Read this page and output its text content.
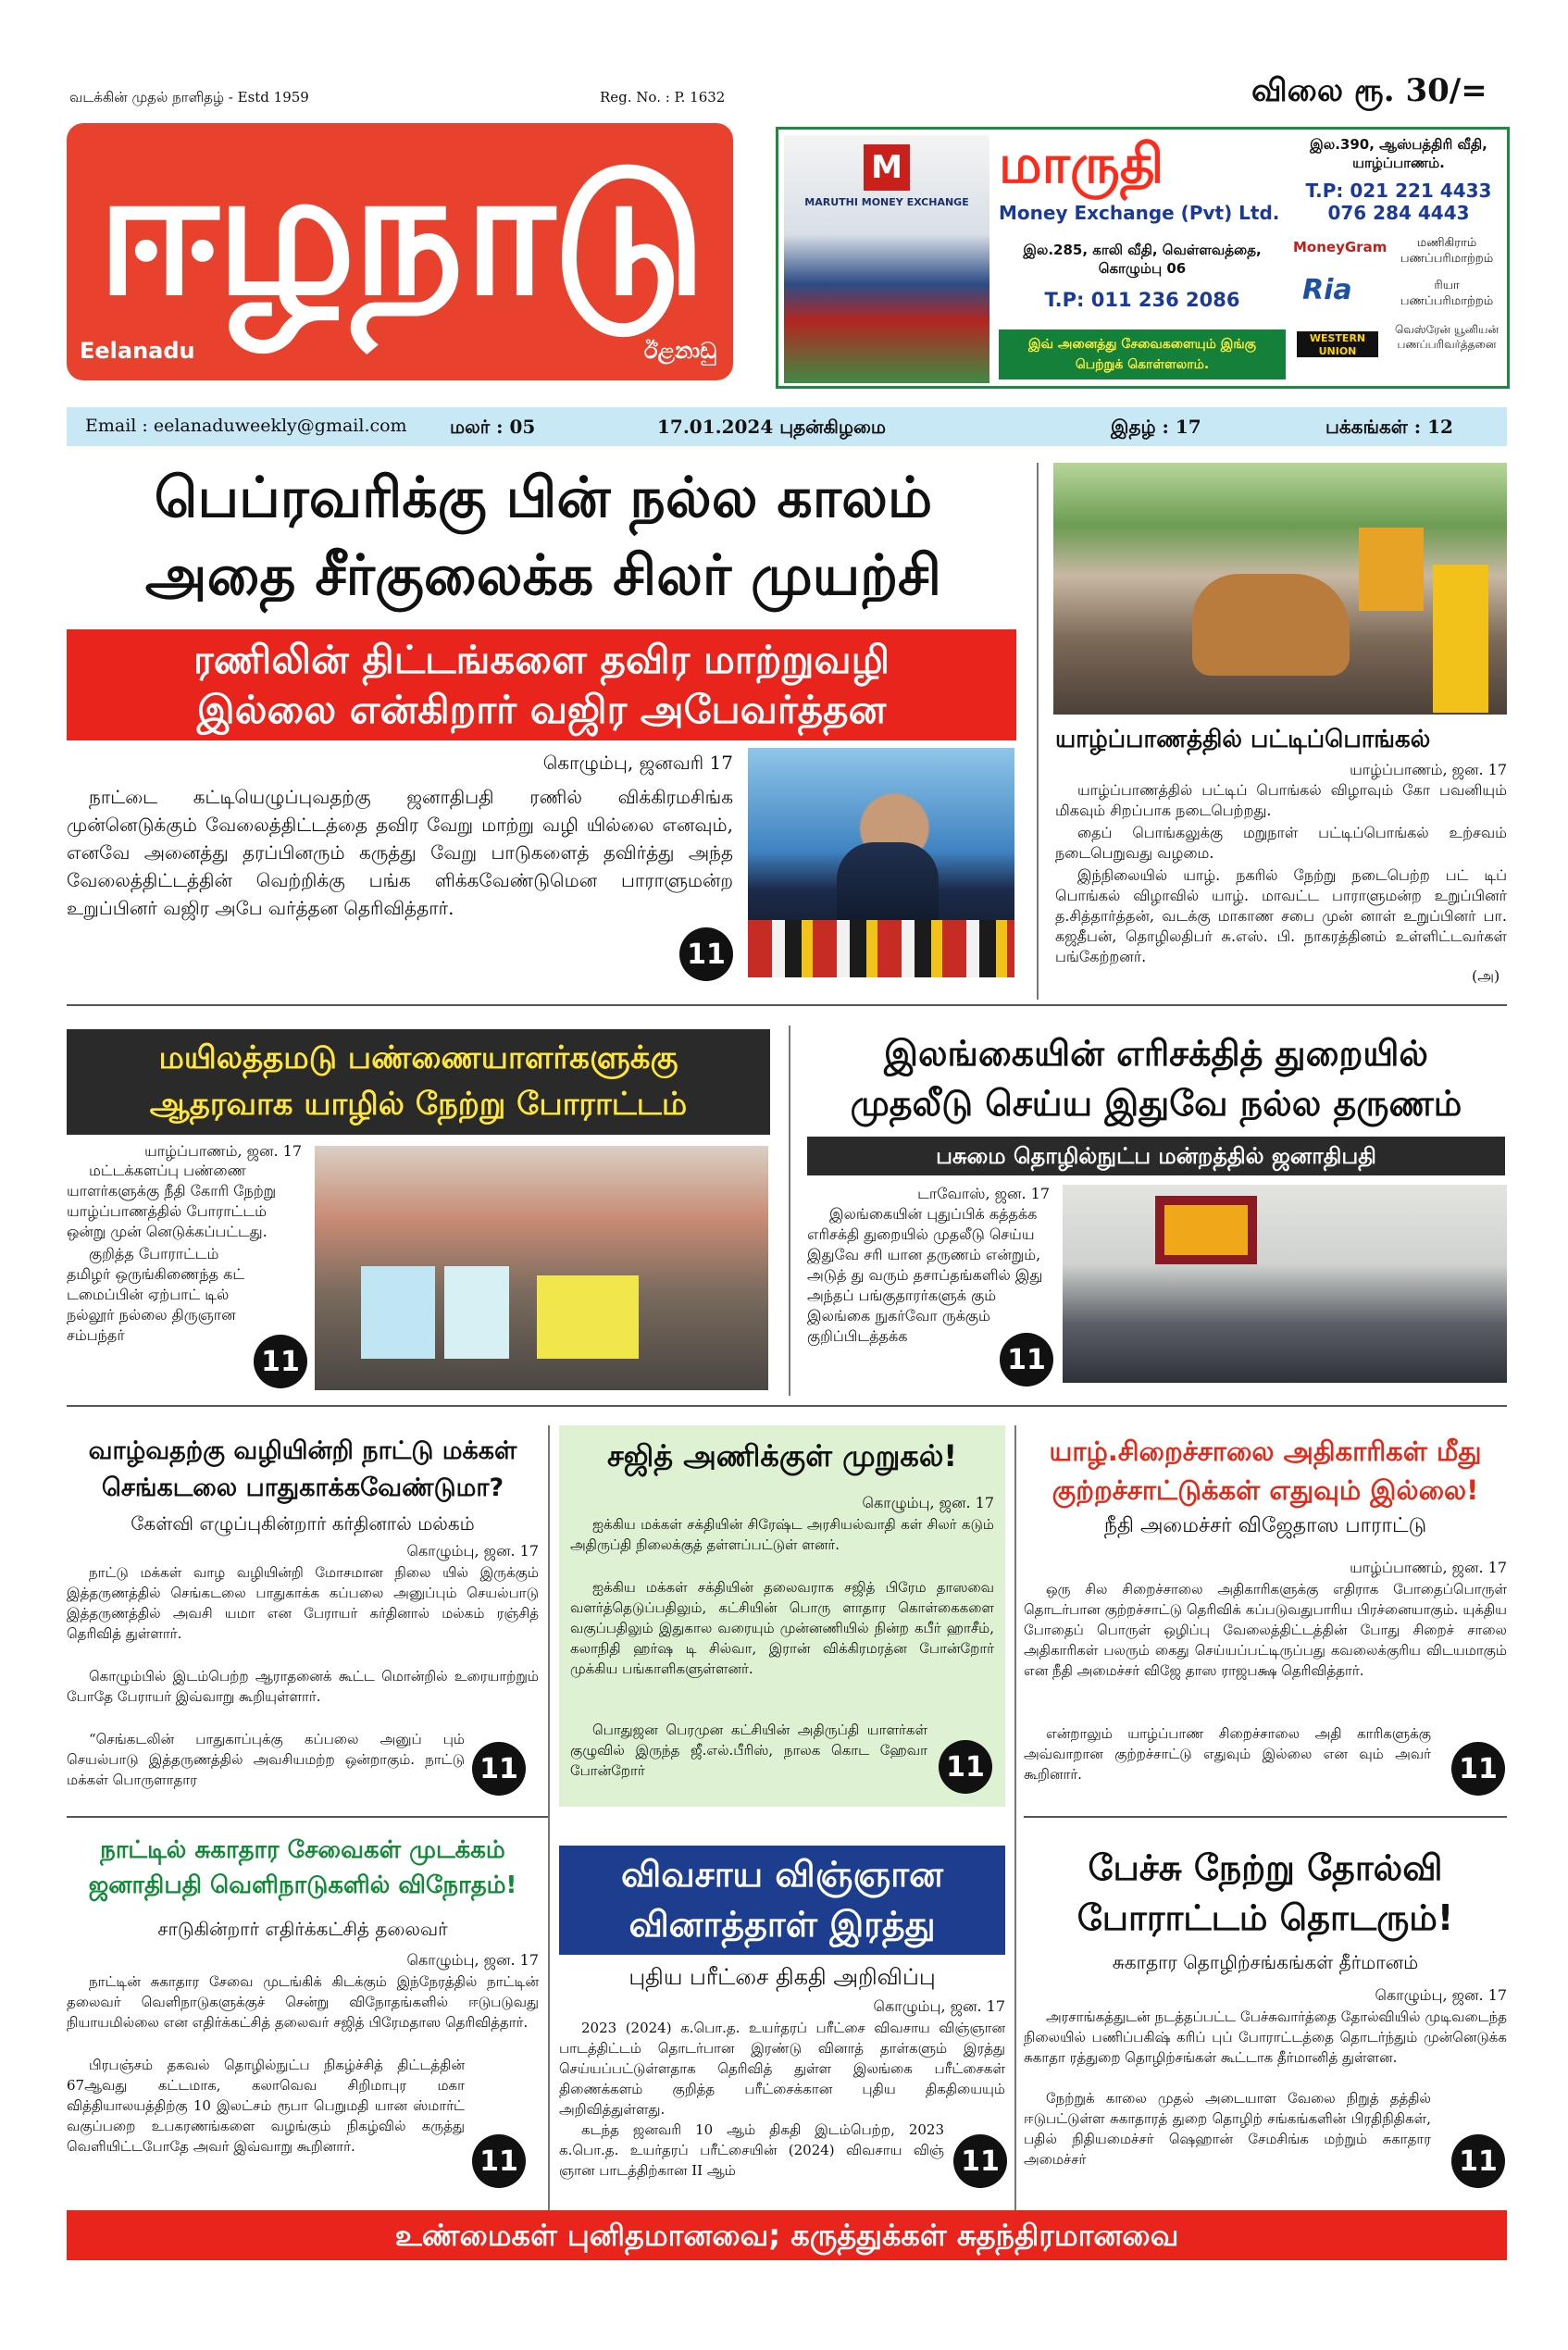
வடக்கின் முதல் நாளிதழ் - Estd 1959	Reg. No. : P. 1632	விலை ரூ. 30/=
ஈழநாடு
Eelanadu	ඊළනාඩු
M
MARUTHI MONEY EXCHANGE
மாருதி
Money Exchange (Pvt) Ltd.
இல.390, ஆஸ்பத்திரி வீதி, யாழ்ப்பாணம்.
T.P: 021 221 4433
076 284 4443
இல.285, காலி வீதி, வெள்ளவத்தை, கொழும்பு 06
T.P: 011 236 2086
இவ் அனைத்து சேவைகளையும் இங்கு பெற்றுக் கொள்ளலாம்.
MoneyGram	மணிகிராம் பணப்பரிமாற்றம்
Ria	ரியா பணப்பரிமாற்றம்
WESTERN UNION
வெஸ்ரேன் யூனியன் பணப்பரிவர்த்தனை
Email : eelanaduweekly@gmail.com மலர் : 05	17.01.2024 புதன்கிழமை	இதழ் : 17	பக்கங்கள் : 12
பெப்ரவரிக்கு பின் நல்ல காலம்
அதை சீர்குலைக்க சிலர் முயற்சி
ரணிலின் திட்டங்களை தவிர மாற்றுவழி
இல்லை என்கிறார் வஜிர அபேவர்த்தன
கொழும்பு, ஜனவரி 17
நாட்டை கட்டியெழுப்புவதற்கு ஜனாதிபதி ரணில் விக்கிரமசிங்க முன்னெடுக்கும் வேலைத்திட்டத்தை தவிர வேறு மாற்று வழி யில்லை எனவும், எனவே அனைத்து தரப்பினரும் கருத்து வேறு பாடுகளைத் தவிர்த்து அந்த வேலைத்திட்டத்தின் வெற்றிக்கு பங்க ளிக்கவேண்டுமென பாராளுமன்ற உறுப்பினர் வஜிர அபே வர்த்தன தெரிவித்தார்.
11
யாழ்ப்பாணத்தில் பட்டிப்பொங்கல்
யாழ்ப்பாணம், ஜன. 17
யாழ்ப்பாணத்தில் பட்டிப் பொங்கல் விழாவும் கோ பவனியும் மிகவும் சிறப்பாக நடைபெற்றது.
தைப் பொங்கலுக்கு மறுநாள் பட்டிப்பொங்கல் உற்சவம் நடைபெறுவது வழமை.
இந்நிலையில் யாழ். நகரில் நேற்று நடைபெற்ற பட் டிப் பொங்கல் விழாவில் யாழ். மாவட்ட பாராளுமன்ற உறுப்பினர் த.சித்தார்த்தன், வடக்கு மாகாண சபை முன் னாள் உறுப்பினர் பா. கஜதீபன், தொழிலதிபர் சு.எஸ். பி. நாகரத்தினம் உள்ளிட்டவர்கள் பங்கேற்றனர்.
(அ)
மயிலத்தமடு பண்ணையாளர்களுக்கு
ஆதரவாக யாழில் நேற்று போராட்டம்
யாழ்ப்பாணம், ஜன. 17
மட்டக்களப்பு பண்ணை யாளர்களுக்கு நீதி கோரி நேற்று யாழ்ப்பாணத்தில் போராட்டம் ஒன்று முன் னெடுக்கப்பட்டது.
குறித்த போராட்டம் தமிழர் ஒருங்கிணைந்த கட் டமைப்பின் ஏற்பாட் டில் நல்லூர் நல்லை திருஞான சம்பந்தர்
11
இலங்கையின் எரிசக்தித் துறையில்
முதலீடு செய்ய இதுவே நல்ல தருணம்
பசுமை தொழில்நுட்ப மன்றத்தில் ஜனாதிபதி
டாவோஸ், ஜன. 17
இலங்கையின் புதுப்பிக் கத்தக்க எரிசக்தி துறையில் முதலீடு செய்ய இதுவே சரி யான தருணம் என்றும், அடுத் து வரும் தசாப்தங்களில் இது அந்தப் பங்குதாரர்களுக் கும் இலங்கை நுகர்வோ ருக்கும் குறிப்பிடத்தக்க
11
வாழ்வதற்கு வழியின்றி நாட்டு மக்கள்
செங்கடலை பாதுகாக்கவேண்டுமா?
கேள்வி எழுப்புகின்றார் கர்தினால் மல்கம்
கொழும்பு, ஜன. 17
நாட்டு மக்கள் வாழ வழியின்றி மோசமான நிலை யில் இருக்கும் இத்தருணத்தில் செங்கடலை பாதுகாக்க கப்பலை அனுப்பும் செயல்பாடு இத்தருணத்தில் அவசி யமா என பேராயர் கர்தினால் மல்கம் ரஞ்சித் தெரிவித் துள்ளார்.
கொழும்பில் இடம்பெற்ற ஆராதனைக் கூட்ட மொன்றில் உரையாற்றும் போதே பேராயர் இவ்வாறு கூறியுள்ளார்.
“செங்கடலின் பாதுகாப்புக்கு கப்பலை அனுப் பும் செயல்பாடு இத்தருணத்தில் அவசியமற்ற ஒன்றாகும். நாட்டு மக்கள் பொருளாதார	11
சஜித் அணிக்குள் முறுகல்!
கொழும்பு, ஜன. 17
ஐக்கிய மக்கள் சக்தியின் சிரேஷ்ட அரசியல்வாதி கள் சிலர் கடும் அதிருப்தி நிலைக்குத் தள்ளப்பட்டுள் ளனர்.
ஐக்கிய மக்கள் சக்தியின் தலைவராக சஜித் பிரேம தாஸவை வளர்த்தெடுப்பதிலும், கட்சியின் பொரு ளாதார கொள்கைகளை வகுப்பதிலும் இதுகால வரையும் முன்னணியில் நின்ற கபீர் ஹாசீம், கலாநிதி ஹர்ஷ டி சில்வா, இரான் விக்கிரமரத்ன போன்றோர் முக்கிய பங்காளிகளுள்ளனர்.
பொதுஜன பெரமுன கட்சியின் அதிருப்தி யாளர்கள் குழுவில் இருந்த ஜீ.எல்.பீரிஸ், நாலக கொட ஹேவா போன்றோர்	11
யாழ்.சிறைச்சாலை அதிகாரிகள் மீது
குற்றச்சாட்டுக்கள் எதுவும் இல்லை!
நீதி அமைச்சர் விஜேதாஸ பாராட்டு
யாழ்ப்பாணம், ஜன. 17
ஒரு சில சிறைச்சாலை அதிகாரிகளுக்கு எதிராக போதைப்பொருள் தொடர்பான குற்றச்சாட்டு தெரிவிக் கப்படுவதுபாரிய பிரச்னையாகும். யுக்திய போதைப் பொருள் ஒழிப்பு வேலைத்திட்டத்தின் போது சிறைச் சாலை அதிகாரிகள் பலரும் கைது செய்யப்பட்டிருப்பது கவலைக்குரிய விடயமாகும் என நீதி அமைச்சர் விஜே தாஸ ராஜபக்ஷ தெரிவித்தார்.
என்றாலும் யாழ்ப்பாண சிறைச்சாலை அதி காரிகளுக்கு அவ்வாறான குற்றச்சாட்டு எதுவும் இல்லை என வும் அவர் கூறினார்.	11
நாட்டில் சுகாதார சேவைகள் முடக்கம்
ஜனாதிபதி வெளிநாடுகளில் விநோதம்!
சாடுகின்றார் எதிர்க்கட்சித் தலைவர்
கொழும்பு, ஜன. 17
நாட்டின் சுகாதார சேவை முடங்கிக் கிடக்கும் இந்நேரத்தில் நாட்டின் தலைவர் வெளிநாடுகளுக்குச் சென்று விநோதங்களில் ஈடுபடுவது நியாயமில்லை என எதிர்க்கட்சித் தலைவர் சஜித் பிரேமதாஸ தெரிவித்தார்.
பிரபஞ்சம் தகவல் தொழில்நுட்ப நிகழ்ச்சித் திட்டத்தின் 67ஆவது கட்டமாக, கலாவெவ சிறிமாபுர மகா வித்தியாலயத்திற்கு 10 இலட்சம் ரூபா பெறுமதி யான ஸ்மார்ட் வகுப்பறை உபகரணங்களை வழங்கும் நிகழ்வில் கருத்து வெளியிட்டபோதே அவர் இவ்வாறு கூறினார்.	11
விவசாய விஞ்ஞான
வினாத்தாள் இரத்து
புதிய பரீட்சை திகதி அறிவிப்பு
கொழும்பு, ஜன. 17
2023 (2024) க.பொ.த. உயர்தரப் பரீட்சை விவசாய விஞ்ஞான பாடத்திட்டம் தொடர்பான இரண்டு வினாத் தாள்களும் இரத்து செய்யப்பட்டுள்ளதாக தெரிவித் துள்ள இலங்கை பரீட்சைகள் திணைக்களம் குறித்த பரீட்சைக்கான புதிய திகதியையும் அறிவித்துள்ளது.
கடந்த ஜனவரி 10 ஆம் திகதி இடம்பெற்ற, 2023 க.பொ.த. உயர்தரப் பரீட்சையின் (2024) விவசாய விஞ் ஞான பாடத்திற்கான II ஆம்	11
பேச்சு நேற்று தோல்வி
போராட்டம் தொடரும்!
சுகாதார தொழிற்சங்கங்கள் தீர்மானம்
கொழும்பு, ஜன. 17
அரசாங்கத்துடன் நடத்தப்பட்ட பேச்சுவார்த்தை தோல்வியில் முடிவடைந்த நிலையில் பணிப்பகிஷ் கரிப் புப் போராட்டத்தை தொடர்ந்தும் முன்னெடுக்க சுகாதா ரத்துறை தொழிற்சங்கள் கூட்டாக தீர்மானித் துள்ளன.
நேற்றுக் காலை முதல் அடையாள வேலை நிறுத் தத்தில் ஈடுபட்டுள்ள சுகாதாரத் துறை தொழிற் சங்கங்களின் பிரதிநிதிகள், பதில் நிதியமைச்சர் ஷெஹான் சேமசிங்க மற்றும் சுகாதார அமைச்சர்	11
உண்மைகள் புனிதமானவை; கருத்துக்கள் சுதந்திரமானவை
